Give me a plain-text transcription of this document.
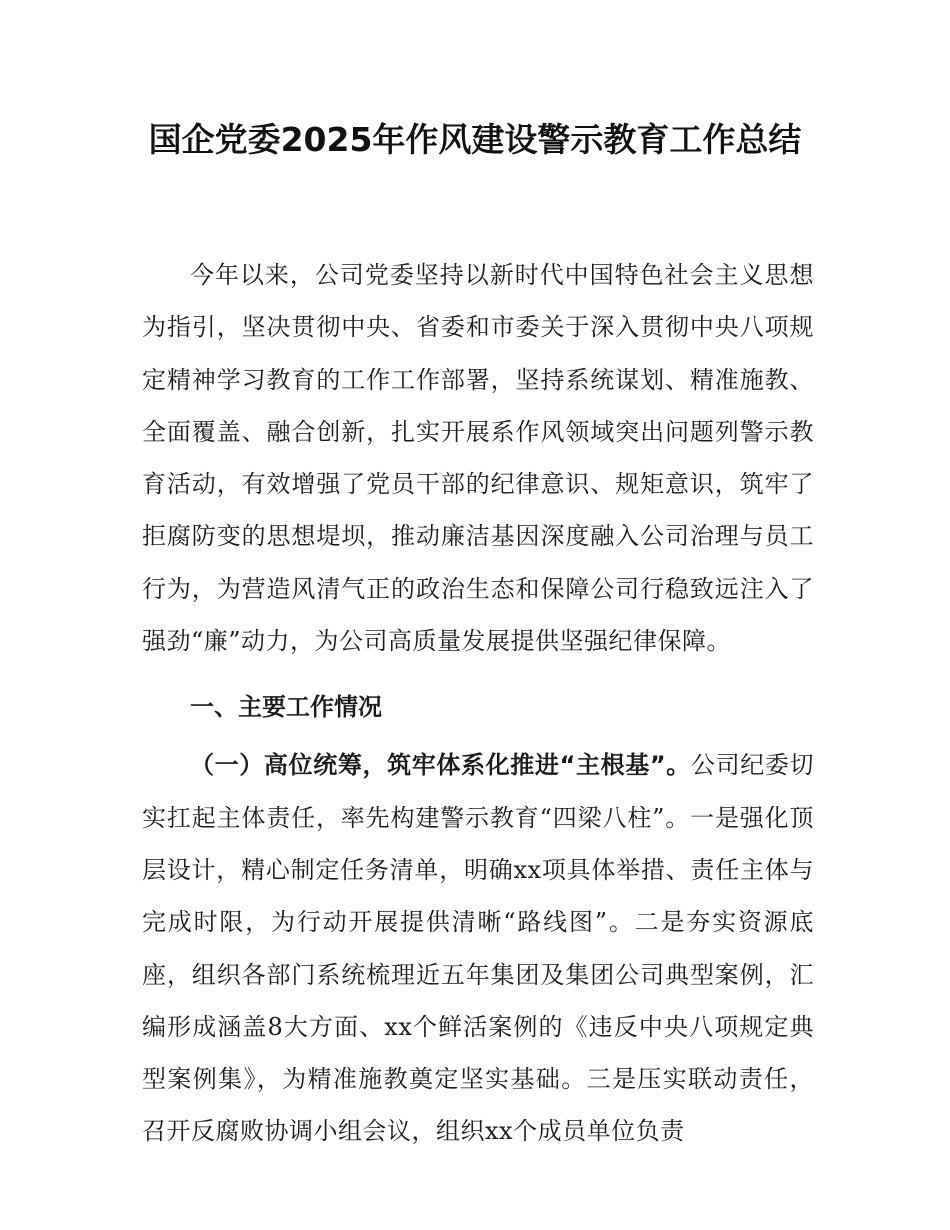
国企党委2025年作风建设警示教育工作总结

今年以来，公司党委坚持以新时代中国特色社会主义思想为指引，坚决贯彻中央、省委和市委关于深入贯彻中央八项规定精神学习教育的工作工作部署，坚持系统谋划、精准施教、全面覆盖、融合创新，扎实开展系作风领域突出问题列警示教育活动，有效增强了党员干部的纪律意识、规矩意识，筑牢了拒腐防变的思想堤坝，推动廉洁基因深度融入公司治理与员工行为，为营造风清气正的政治生态和保障公司行稳致远注入了强劲“廉”动力，为公司高质量发展提供坚强纪律保障。

一、主要工作情况

（一）高位统筹，筑牢体系化推进“主根基”。公司纪委切实扛起主体责任，率先构建警示教育“四梁八柱”。一是强化顶层设计，精心制定任务清单，明确xx项具体举措、责任主体与完成时限，为行动开展提供清晰“路线图”。二是夯实资源底座，组织各部门系统梳理近五年集团及集团公司典型案例，汇编形成涵盖8大方面、xx个鲜活案例的《违反中央八项规定典型案例集》，为精准施教奠定坚实基础。三是压实联动责任，召开反腐败协调小组会议，组织xx个成员单位负责
